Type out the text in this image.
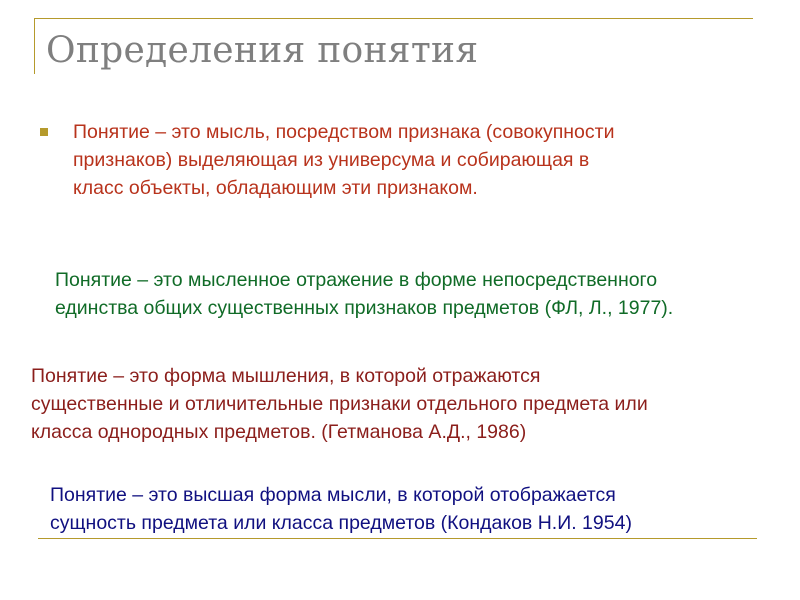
Определения понятия

Понятие – это мысль, посредством признака (совокупности
признаков) выделяющая из универсума и собирающая в
класс объекты, обладающим эти признаком.

Понятие – это мысленное отражение в форме непосредственного
единства общих существенных признаков предметов (ФЛ, Л., 1977).

Понятие – это форма мышления, в которой отражаются
существенные и отличительные признаки отдельного предмета или
класса однородных предметов. (Гетманова А.Д., 1986)

Понятие – это высшая форма мысли, в которой отображается
сущность предмета или класса предметов (Кондаков Н.И. 1954)
